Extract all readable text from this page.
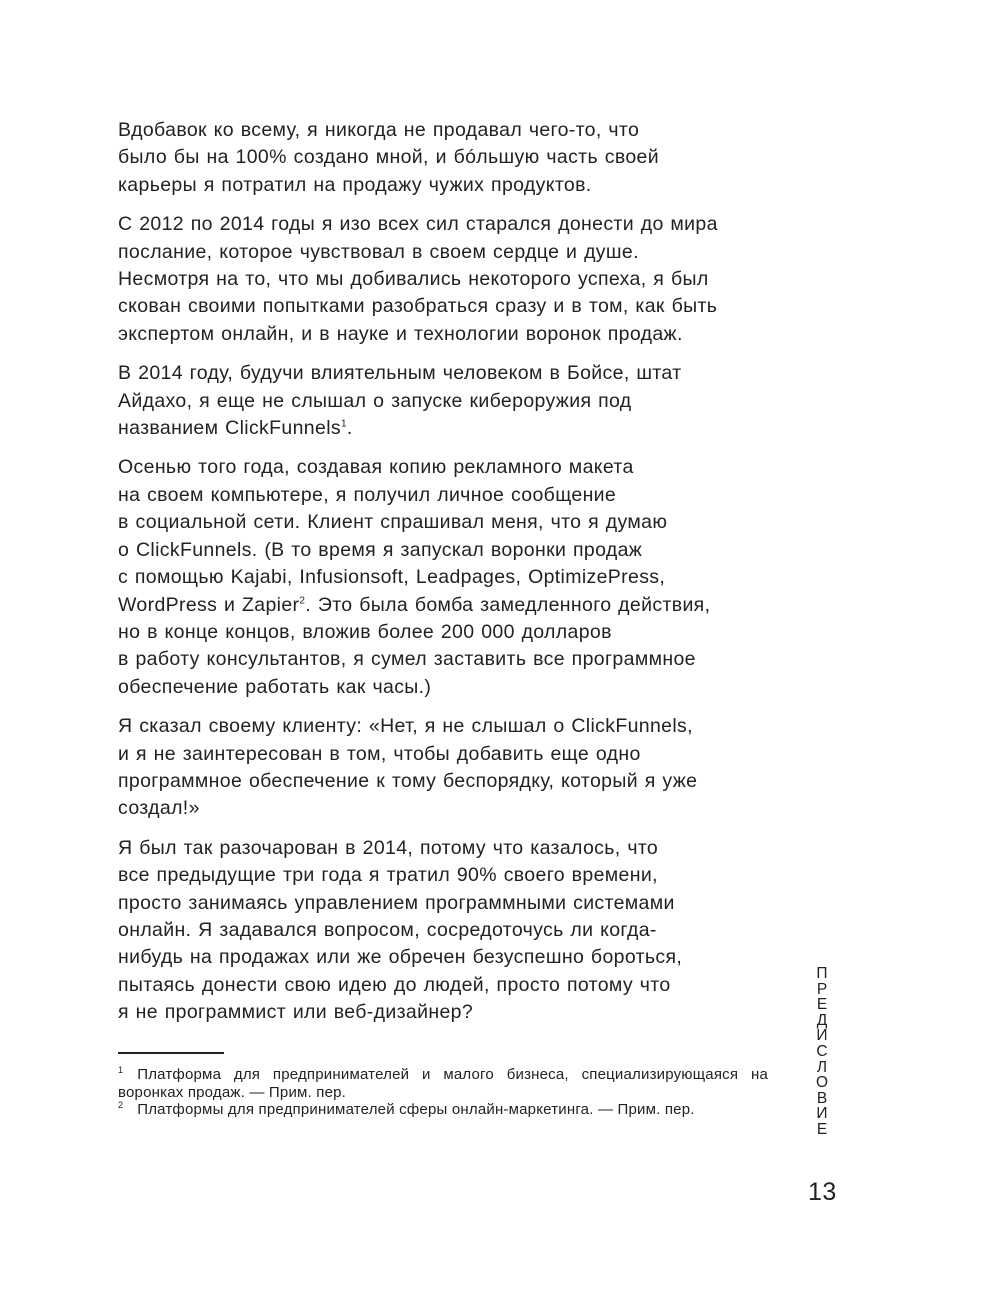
Вдобавок ко всему, я никогда не продавал чего-то, что
было бы на 100% создано мной, и бóльшую часть своей
карьеры я потратил на продажу чужих продуктов.

С 2012 по 2014 годы я изо всех сил старался донести до мира
послание, которое чувствовал в своем сердце и душе.
Несмотря на то, что мы добивались некоторого успеха, я был
скован своими попытками разобраться сразу и в том, как быть
экспертом онлайн, и в науке и технологии воронок продаж.

В 2014 году, будучи влиятельным человеком в Бойсе, штат
Айдахо, я еще не слышал о запуске кибероружия под
названием ClickFunnels$^1$.

Осенью того года, создавая копию рекламного макета
на своем компьютере, я получил личное сообщение
в социальной сети. Клиент спрашивал меня, что я думаю
о ClickFunnels. (В то время я запускал воронки продаж
с помощью Kajabi, Infusionsoft, Leadpages, OptimizePress,
WordPress и Zapier$^2$. Это была бомба замедленного действия,
но в конце концов, вложив более 200 000 долларов
в работу консультантов, я сумел заставить все программное
обеспечение работать как часы.)

Я сказал своему клиенту: «Нет, я не слышал о ClickFunnels,
и я не заинтересован в том, чтобы добавить еще одно
программное обеспечение к тому беспорядку, который я уже
создал!»

Я был так разочарован в 2014, потому что казалось, что
все предыдущие три года я тратил 90% своего времени,
просто занимаясь управлением программными системами
онлайн. Я задавался вопросом, сосредоточусь ли когда-
нибудь на продажах или же обречен безуспешно бороться,
пытаясь донести свою идею до людей, просто потому что
я не программист или веб-дизайнер?

$^1$ Платформа для предпринимателей и малого бизнеса, специализирующаяся на воронках продаж. — Прим. пер.

$^2$ Платформы для предпринимателей сферы онлайн-маркетинга. — Прим. пер.

П
Р
Е
Д
И
С
Л
О
В
И
Е
13
